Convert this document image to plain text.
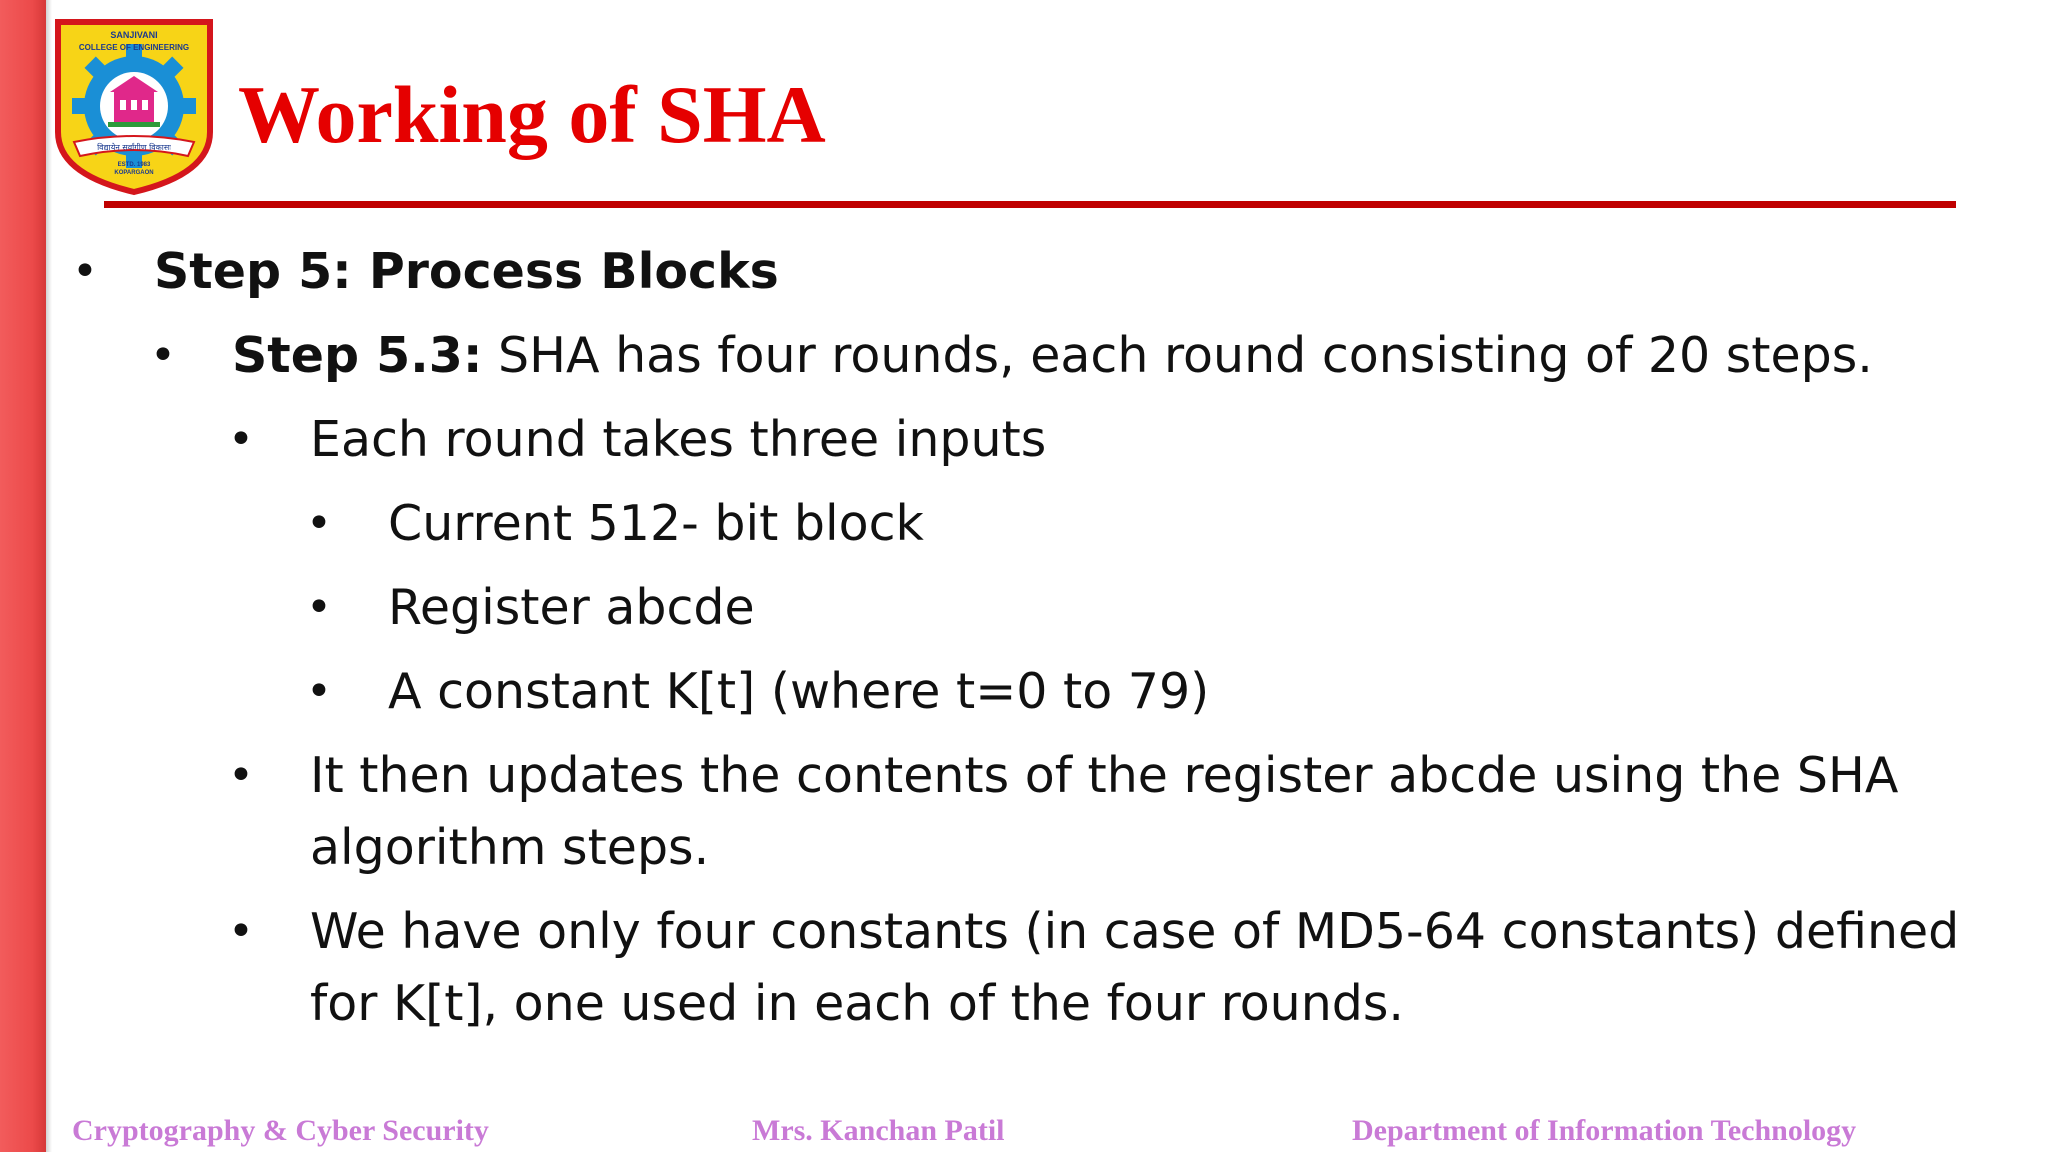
SANJIVANI
COLLEGE OF ENGINEERING
विद्यायेन सर्वांगीण विकासः
ESTD. 1983
KOPARGAON
Working of SHA
• Step 5: Process Blocks
• Step 5.3: SHA has four rounds, each round consisting of 20 steps.
• Each round takes three inputs
• Current 512- bit block
• Register abcde
• A constant K[t] (where t=0 to 79)
• It then updates the contents of the register abcde using the SHA
algorithm steps.
• We have only four constants (in case of MD5-64 constants) defined
for K[t], one used in each of the four rounds.
Cryptography & Cyber Security	Mrs. Kanchan Patil	Department of Information Technology
